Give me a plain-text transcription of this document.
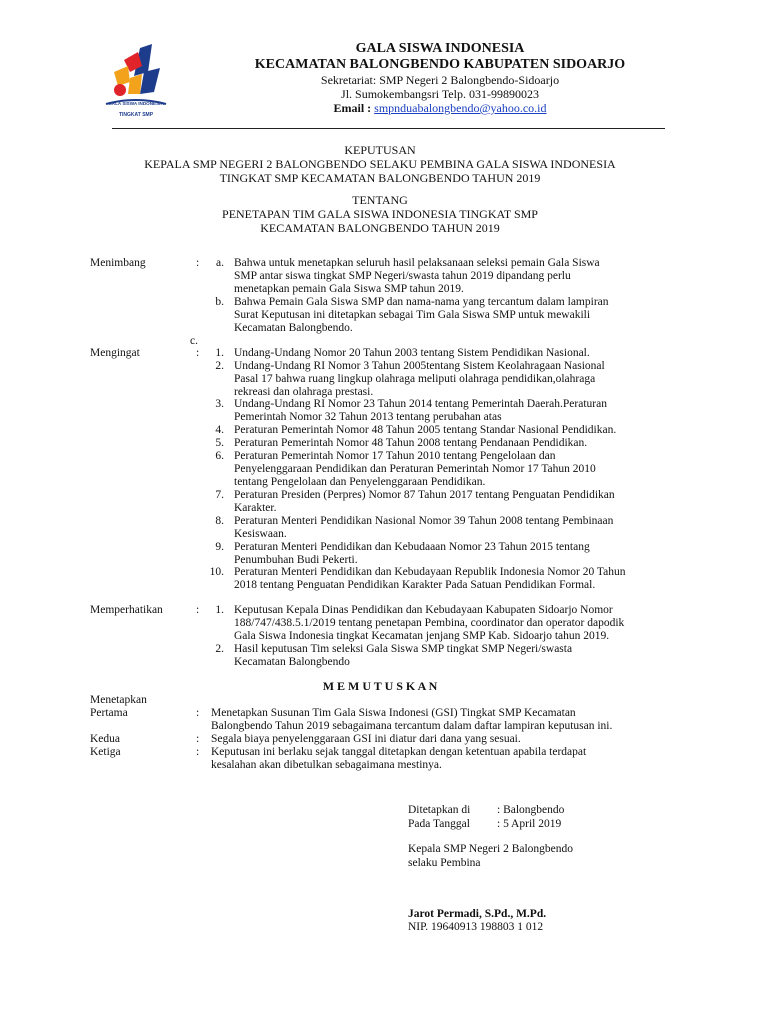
GALA SISWA INDONESIA
TINGKAT SMP
GALA SISWA INDONESIA
KECAMATAN BALONGBENDO KABUPATEN SIDOARJO
Sekretariat: SMP Negeri 2 Balongbendo-Sidoarjo
Jl. Sumokembangsri Telp. 031-99890023
Email : smpnduabalongbendo@yahoo.co.id
KEPUTUSAN
KEPALA SMP NEGERI 2 BALONGBENDO SELAKU PEMBINA GALA SISWA INDONESIA
TINGKAT SMP KECAMATAN BALONGBENDO TAHUN 2019
TENTANG
PENETAPAN TIM GALA SISWA INDONESIA TINGKAT SMP
KECAMATAN BALONGBENDO TAHUN 2019
Menimbang	:	a. Bahwa untuk menetapkan seluruh hasil pelaksanaan seleksi pemain Gala Siswa
SMP antar siswa tingkat SMP Negeri/swasta tahun 2019 dipandang perlu
menetapkan pemain Gala Siswa SMP tahun 2019.
b. Bahwa Pemain Gala Siswa SMP dan nama-nama yang tercantum dalam lampiran
Surat Keputusan ini ditetapkan sebagai Tim Gala Siswa SMP untuk mewakili
Kecamatan Balongbendo.
c.
Mengingat	:	1. Undang-Undang Nomor 20 Tahun 2003 tentang Sistem Pendidikan Nasional.
2. Undang-Undang RI Nomor 3 Tahun 2005tentang Sistem Keolahragaan Nasional
Pasal 17 bahwa ruang lingkup olahraga meliputi olahraga pendidikan,olahraga
rekreasi dan olahraga prestasi.
3. Undang-Undang RI Nomor 23 Tahun 2014 tentang Pemerintah Daerah.Peraturan
Pemerintah Nomor 32 Tahun 2013 tentang perubahan atas
4. Peraturan Pemerintah Nomor 48 Tahun 2005 tentang Standar Nasional Pendidikan.
5. Peraturan Pemerintah Nomor 48 Tahun 2008 tentang Pendanaan Pendidikan.
6. Peraturan Pemerintah Nomor 17 Tahun 2010 tentang Pengelolaan dan
Penyelenggaraan Pendidikan dan Peraturan Pemerintah Nomor 17 Tahun 2010
tentang Pengelolaan dan Penyelenggaraan Pendidikan.
7. Peraturan Presiden (Perpres) Nomor 87 Tahun 2017 tentang Penguatan Pendidikan
Karakter.
8. Peraturan Menteri Pendidikan Nasional Nomor 39 Tahun 2008 tentang Pembinaan
Kesiswaan.
9. Peraturan Menteri Pendidikan dan Kebudaaan Nomor 23 Tahun 2015 tentang
Penumbuhan Budi Pekerti.
10. Peraturan Menteri Pendidikan dan Kebudayaan Republik Indonesia Nomor 20 Tahun
2018 tentang Penguatan Pendidikan Karakter Pada Satuan Pendidikan Formal.
Memperhatikan	:	1. Keputusan Kepala Dinas Pendidikan dan Kebudayaan Kabupaten Sidoarjo Nomor
188/747/438.5.1/2019 tentang penetapan Pembina, coordinator dan operator dapodik
Gala Siswa Indonesia tingkat Kecamatan jenjang SMP Kab. Sidoarjo tahun 2019.
2. Hasil keputusan Tim seleksi Gala Siswa SMP tingkat SMP Negeri/swasta
Kecamatan Balongbendo
M E M U T U S K A N
Menetapkan
Pertama	: Menetapkan Susunan Tim Gala Siswa Indonesi (GSI) Tingkat SMP Kecamatan
Balongbendo Tahun 2019 sebagaimana tercantum dalam daftar lampiran keputusan ini.
Kedua	: Segala biaya penyelenggaraan GSI ini diatur dari dana yang sesuai.
Ketiga	: Keputusan ini berlaku sejak tanggal ditetapkan dengan ketentuan apabila terdapat
kesalahan akan dibetulkan sebagaimana mestinya.
Ditetapkan di : Balongbendo
Pada Tanggal : 5 April 2019
Kepala SMP Negeri 2 Balongbendo
selaku Pembina
Jarot Permadi, S.Pd., M.Pd.
NIP. 19640913 198803 1 012
